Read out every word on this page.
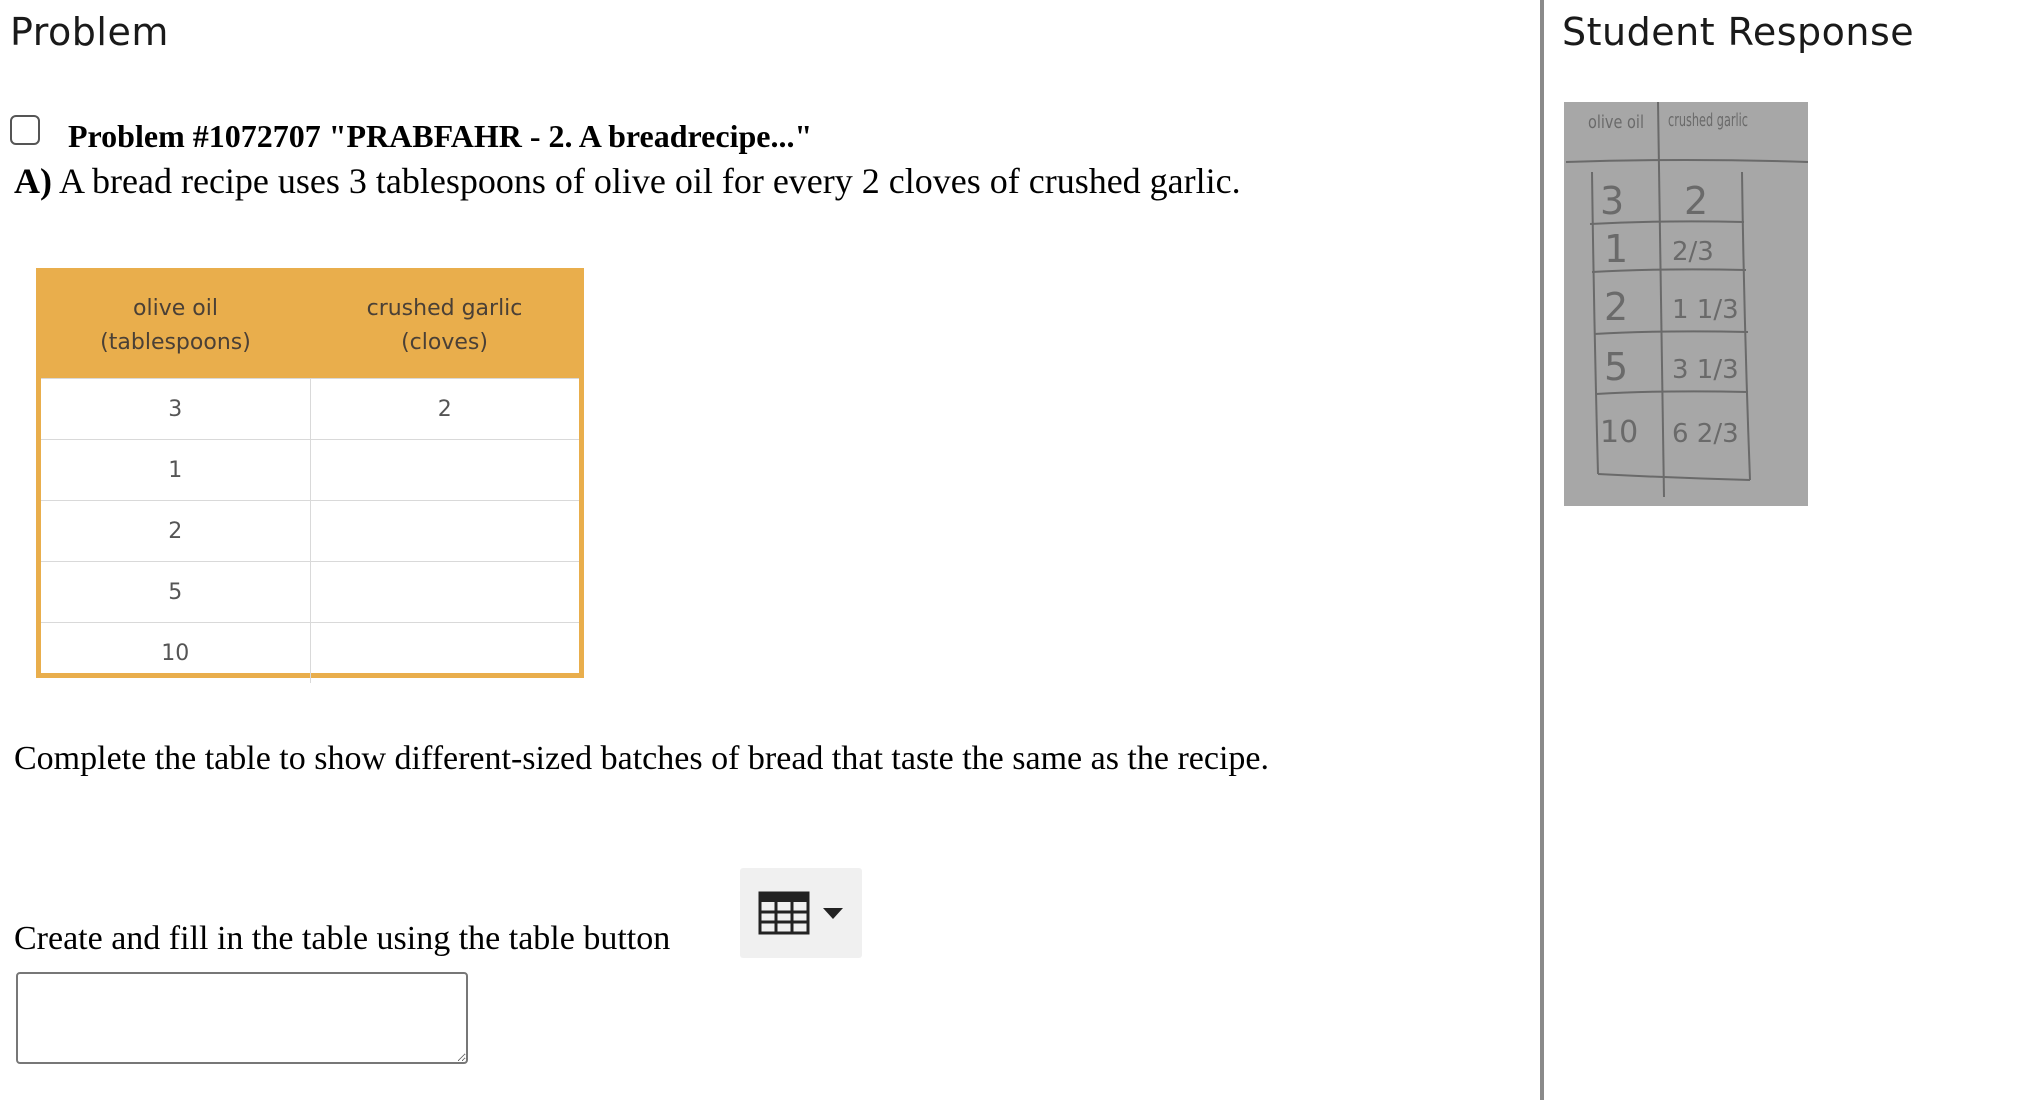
Problem
Problem #1072707 "PRABFAHR - 2. A breadrecipe..."
A) A bread recipe uses 3 tablespoons of olive oil for every 2 cloves of crushed garlic.
olive oil
(tablespoons)
crushed garlic
(cloves)
3	2
1
2
5
10
Complete the table to show different-sized batches of bread that taste the same as the recipe.
Create and fill in the table using the table button
Student Response
olive oil crushed garlic
3 2
1 2/3
2 1 1/3
5 3 1/3
10 6 2/3
